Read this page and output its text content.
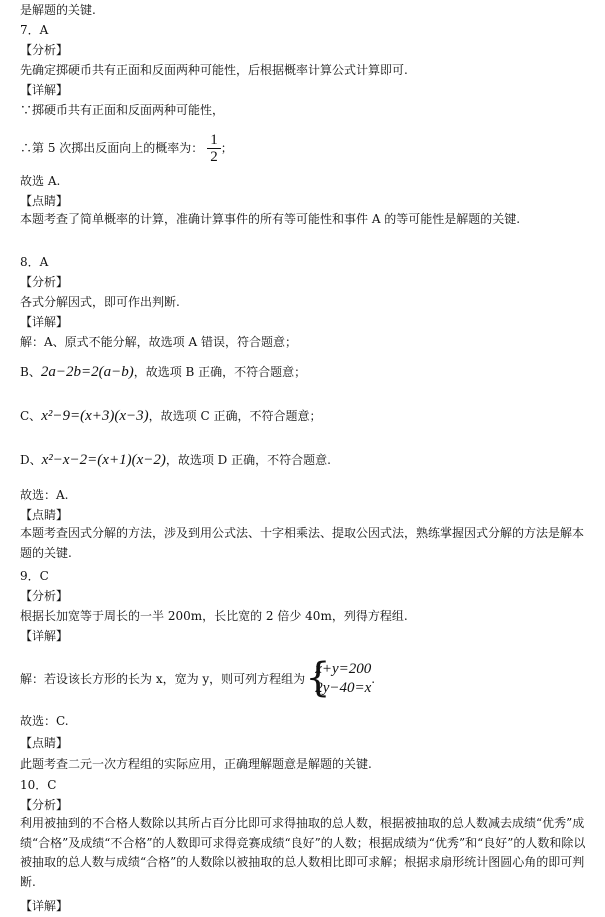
是解题的关键.
7．A
【分析】
先确定掷硬币共有正面和反面两种可能性，后根据概率计算公式计算即可.
【详解】
∵掷硬币共有正面和反面两种可能性，
∴第 5 次掷出反面向上的概率为： $\frac{1}{2}$ ；
故选 A.
【点睛】
本题考查了简单概率的计算，准确计算事件的所有等可能性和事件 A 的等可能性是解题的关键.
8．A
【分析】
各式分解因式，即可作出判断.
【详解】
解：A、原式不能分解，故选项 A 错误，符合题意；
B、2a−2b=2(a−b)，故选项 B 正确，不符合题意；
C、x²−9=(x+3)(x−3)，故选项 C 正确，不符合题意；
D、x²−x−2=(x+1)(x−2)，故选项 D 正确，不符合题意.
故选：A.
【点睛】
本题考查因式分解的方法，涉及到用公式法、十字相乘法、提取公因式法，熟练掌握因式分解的方法是解本题的关键.
9．C
【分析】
根据长加宽等于周长的一半 200m，长比宽的 2 倍少 40m，列得方程组.
【详解】
解：若设该长方形的长为 x，宽为 y，则可列方程组为 {
x+y=200
2y−40=x
.
故选：C.
【点睛】
此题考查二元一次方程组的实际应用，正确理解题意是解题的关键.
10．C
【分析】
利用被抽到的不合格人数除以其所占百分比即可求得抽取的总人数，根据被抽取的总人数减去成绩“优秀”成绩“合格”及成绩“不合格”的人数即可求得竞赛成绩“良好”的人数；根据成绩为“优秀”和“良好”的人数和除以被抽取的总人数与成绩“合格”的人数除以被抽取的总人数相比即可求解；根据求扇形统计图圆心角的即可判断.
【详解】
